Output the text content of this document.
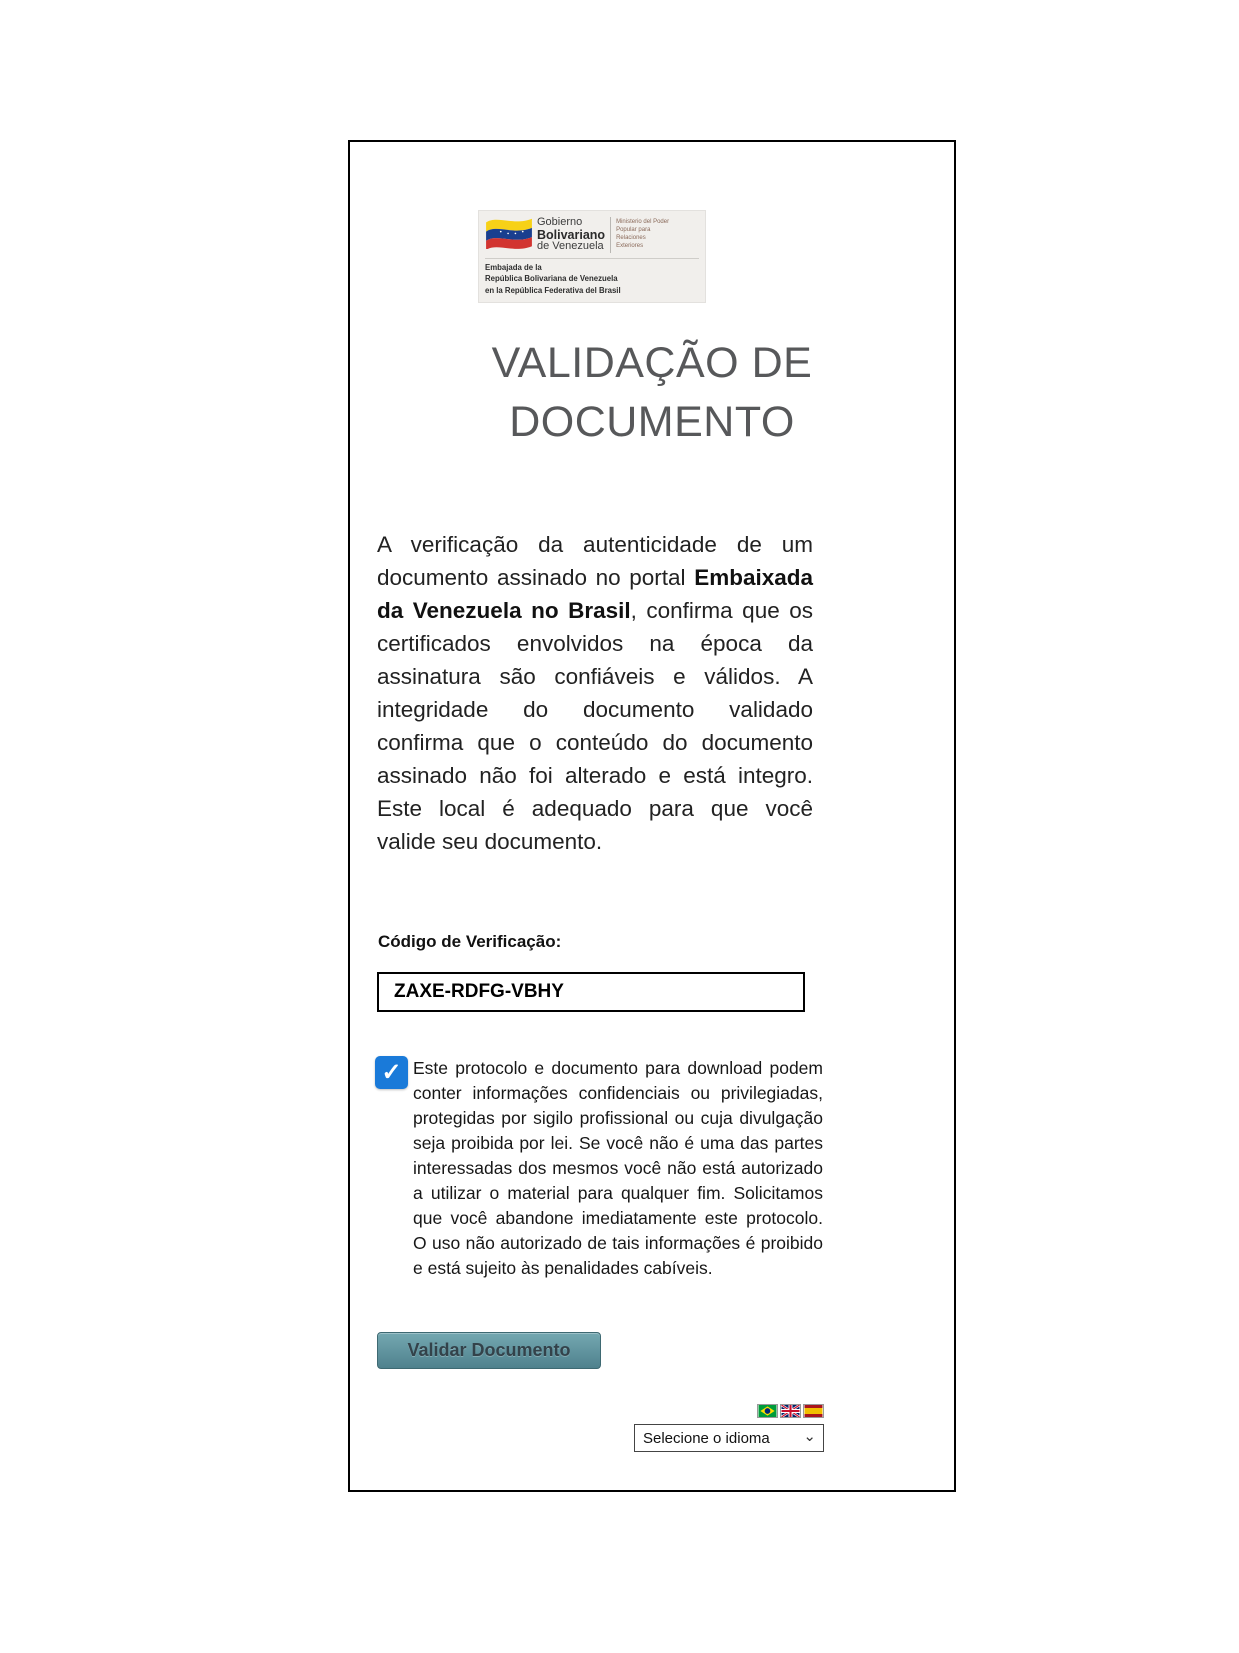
Gobierno
Bolivariano
de Venezuela
Ministerio del Poder Popular para Relaciones Exteriores
Embajada de la
República Bolivariana de Venezuela
en la República Federativa del Brasil
VALIDAÇÃO DE
DOCUMENTO

A verificação da autenticidade de um documento assinado no portal Embaixada da Venezuela no Brasil, confirma que os certificados envolvidos na época da assinatura são confiáveis e válidos. A integridade do documento validado confirma que o conteúdo do documento assinado não foi alterado e está integro. Este local é adequado para que você valide seu documento.

Código de Verificação:
ZAXE-RDFG-VBHY
✓ Este protocolo e documento para download podem conter informações confidenciais ou privilegiadas, protegidas por sigilo profissional ou cuja divulgação seja proibida por lei. Se você não é uma das partes interessadas dos mesmos você não está autorizado a utilizar o material para qualquer fim. Solicitamos que você abandone imediatamente este protocolo. O uso não autorizado de tais informações é proibido e está sujeito às penalidades cabíveis.

Validar Documento
Selecione o idioma ⌄
